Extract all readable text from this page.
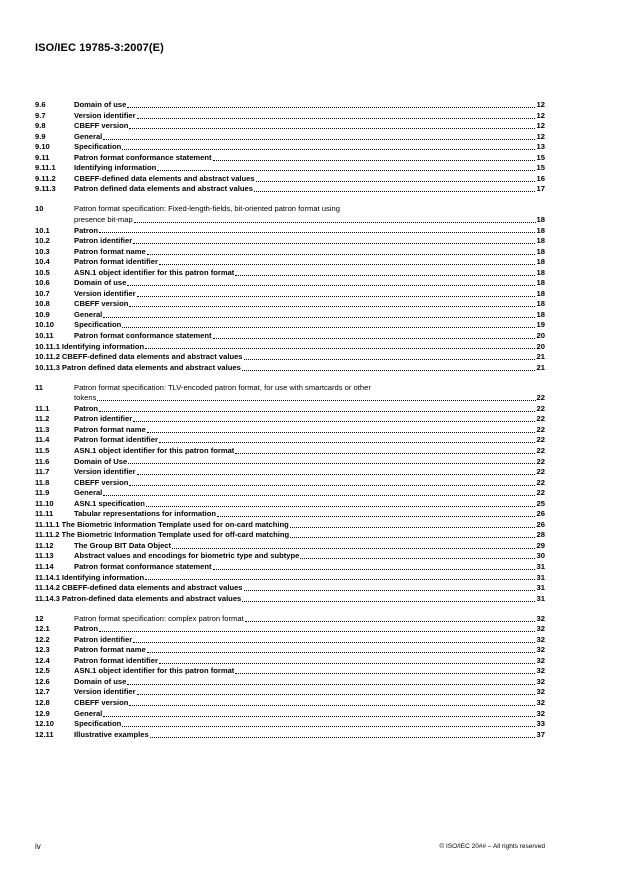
ISO/IEC 19785-3:2007(E)
9.6	Domain of use	12
9.7	Version identifier	12
9.8	CBEFF version	12
9.9	General	12
9.10	Specification	13
9.11	Patron format conformance statement	15
9.11.1	Identifying information	15
9.11.2	CBEFF-defined data elements and abstract values	16
9.11.3	Patron defined data elements and abstract values	17
10	Patron format specification: Fixed-length-fields, bit-oriented patron format using
presence bit-map	18
10.1	Patron	18
10.2	Patron identifier	18
10.3	Patron format name	18
10.4	Patron format identifier	18
10.5	ASN.1 object identifier for this patron format	18
10.6	Domain of use	18
10.7	Version identifier	18
10.8	CBEFF version	18
10.9	General	18
10.10	Specification	19
10.11	Patron format conformance statement	20
10.11.1 Identifying information	20
10.11.2 CBEFF-defined data elements and abstract values	21
10.11.3 Patron defined data elements and abstract values	21
11	Patron format specification: TLV-encoded patron format, for use with smartcards or other
tokens	22
11.1	Patron	22
11.2	Patron identifier	22
11.3	Patron format name	22
11.4	Patron format identifier	22
11.5	ASN.1 object identifier for this patron format	22
11.6	Domain of Use	22
11.7	Version identifier	22
11.8	CBEFF version	22
11.9	General	22
11.10	ASN.1 specification	25
11.11	Tabular representations for information	26
11.11.1 The Biometric Information Template used for on-card matching	26
11.11.2 The Biometric Information Template used for off-card matching	28
11.12	The Group BIT Data Object	29
11.13	Abstract values and encodings for biometric type and subtype	30
11.14	Patron format conformance statement	31
11.14.1 Identifying information	31
11.14.2 CBEFF-defined data elements and abstract values	31
11.14.3 Patron-defined data elements and abstract values	31
12	Patron format specification: complex patron format	32
12.1	Patron	32
12.2	Patron identifier	32
12.3	Patron format name	32
12.4	Patron format identifier	32
12.5	ASN.1 object identifier for this patron format	32
12.6	Domain of use	32
12.7	Version identifier	32
12.8	CBEFF version	32
12.9	General	32
12.10	Specification	33
12.11	Illustrative examples	37
iv	© ISO/IEC 20## – All rights reserved
